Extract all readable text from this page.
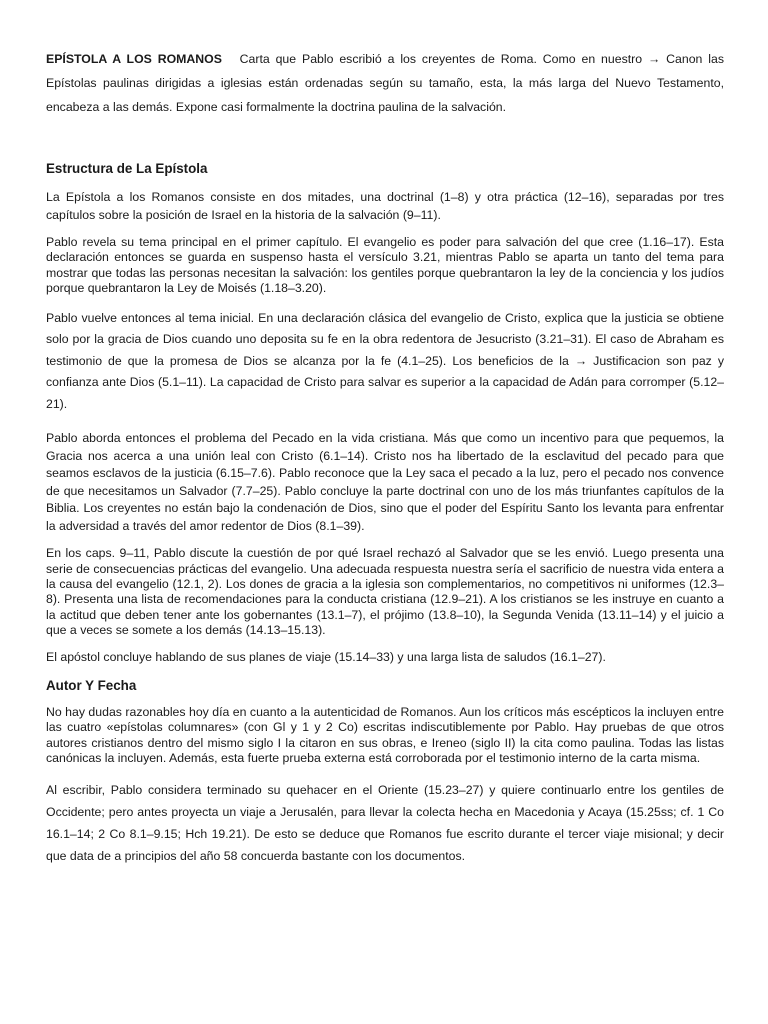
EPÍSTOLA A LOS ROMANOS Carta que Pablo escribió a los creyentes de Roma. Como en nuestro → Canon las Epístolas paulinas dirigidas a iglesias están ordenadas según su tamaño, esta, la más larga del Nuevo Testamento, encabeza a las demás. Expone casi formalmente la doctrina paulina de la salvación.

Estructura de La Epístola

La Epístola a los Romanos consiste en dos mitades, una doctrinal (1–8) y otra práctica (12–16), separadas por tres capítulos sobre la posición de Israel en la historia de la salvación (9–11).

Pablo revela su tema principal en el primer capítulo. El evangelio es poder para salvación del que cree (1.16–17). Esta declaración entonces se guarda en suspenso hasta el versículo 3.21, mientras Pablo se aparta un tanto del tema para mostrar que todas las personas necesitan la salvación: los gentiles porque quebrantaron la ley de la conciencia y los judíos porque quebrantaron la Ley de Moisés (1.18–3.20).

Pablo vuelve entonces al tema inicial. En una declaración clásica del evangelio de Cristo, explica que la justicia se obtiene solo por la gracia de Dios cuando uno deposita su fe en la obra redentora de Jesucristo (3.21–31). El caso de Abraham es testimonio de que la promesa de Dios se alcanza por la fe (4.1–25). Los beneficios de la → Justificacion son paz y confianza ante Dios (5.1–11). La capacidad de Cristo para salvar es superior a la capacidad de Adán para corromper (5.12–21).

Pablo aborda entonces el problema del Pecado en la vida cristiana. Más que como un incentivo para que pequemos, la Gracia nos acerca a una unión leal con Cristo (6.1–14). Cristo nos ha libertado de la esclavitud del pecado para que seamos esclavos de la justicia (6.15–7.6). Pablo reconoce que la Ley saca el pecado a la luz, pero el pecado nos convence de que necesitamos un Salvador (7.7–25). Pablo concluye la parte doctrinal con uno de los más triunfantes capítulos de la Biblia. Los creyentes no están bajo la condenación de Dios, sino que el poder del Espíritu Santo los levanta para enfrentar la adversidad a través del amor redentor de Dios (8.1–39).

En los caps. 9–11, Pablo discute la cuestión de por qué Israel rechazó al Salvador que se les envió. Luego presenta una serie de consecuencias prácticas del evangelio. Una adecuada respuesta nuestra sería el sacrificio de nuestra vida entera a la causa del evangelio (12.1, 2). Los dones de gracia a la iglesia son complementarios, no competitivos ni uniformes (12.3–8). Presenta una lista de recomendaciones para la conducta cristiana (12.9–21). A los cristianos se les instruye en cuanto a la actitud que deben tener ante los gobernantes (13.1–7), el prójimo (13.8–10), la Segunda Venida (13.11–14) y el juicio a que a veces se somete a los demás (14.13–15.13).

El apóstol concluye hablando de sus planes de viaje (15.14–33) y una larga lista de saludos (16.1–27).

Autor Y Fecha

No hay dudas razonables hoy día en cuanto a la autenticidad de Romanos. Aun los críticos más escépticos la incluyen entre las cuatro «epístolas columnares» (con Gl y 1 y 2 Co) escritas indiscutiblemente por Pablo. Hay pruebas de que otros autores cristianos dentro del mismo siglo I la citaron en sus obras, e Ireneo (siglo II) la cita como paulina. Todas las listas canónicas la incluyen. Además, esta fuerte prueba externa está corroborada por el testimonio interno de la carta misma.

Al escribir, Pablo considera terminado su quehacer en el Oriente (15.23–27) y quiere continuarlo entre los gentiles de Occidente; pero antes proyecta un viaje a Jerusalén, para llevar la colecta hecha en Macedonia y Acaya (15.25ss; cf. 1 Co 16.1–14; 2 Co 8.1–9.15; Hch 19.21). De esto se deduce que Romanos fue escrito durante el tercer viaje misional; y decir que data de a principios del año 58 concuerda bastante con los documentos.
